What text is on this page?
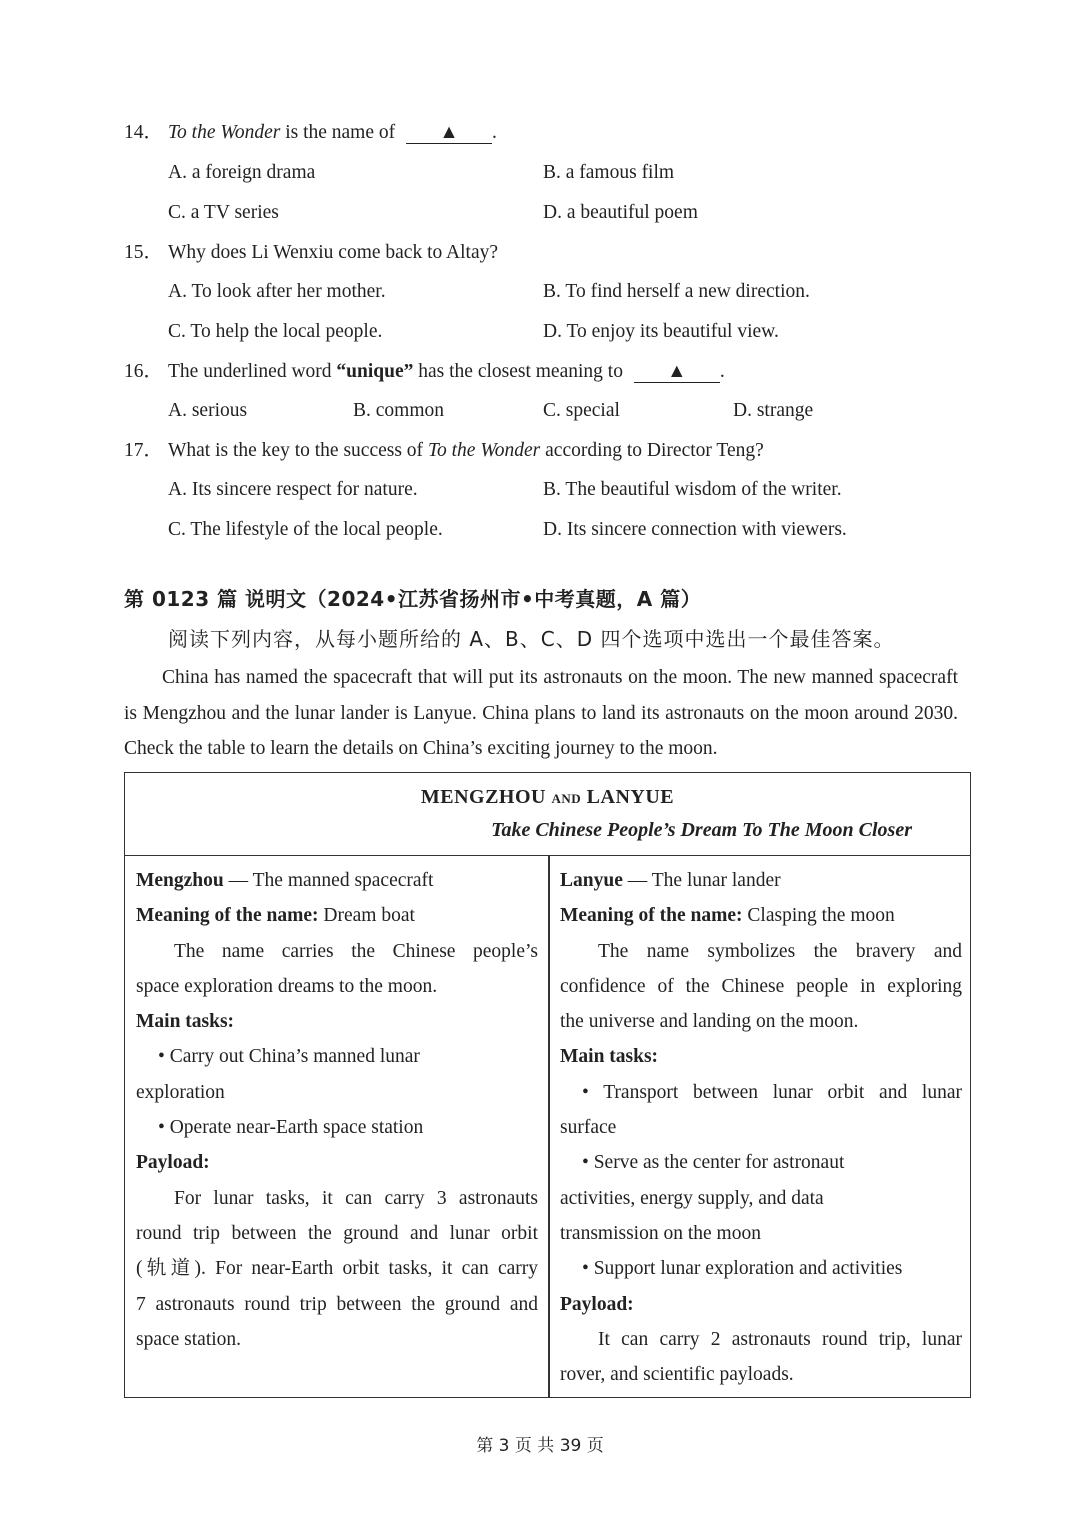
14． To the Wonder is the name of ▲ .
A. a foreign drama	B. a famous film
C. a TV series	D. a beautiful poem
15． Why does Li Wenxiu come back to Altay?
A. To look after her mother.	B. To find herself a new direction.
C. To help the local people.	D. To enjoy its beautiful view.
16． The underlined word “unique” has the closest meaning to ▲ .
A. serious	B. common	C. special	D. strange
17． What is the key to the success of To the Wonder according to Director Teng?
A. Its sincere respect for nature.	B. The beautiful wisdom of the writer.
C. The lifestyle of the local people.	D. Its sincere connection with viewers.
第 0123 篇 说明文（2024•江苏省扬州市•中考真题，A 篇）
阅读下列内容，从每小题所给的 A、B、C、D 四个选项中选出一个最佳答案。
China has named the spacecraft that will put its astronauts on the moon. The new manned spacecraft is Mengzhou and the lunar lander is Lanyue. China plans to land its astronauts on the moon around 2030. Check the table to learn the details on China’s exciting journey to the moon.
MENGZHOU AND LANYUE
Take Chinese People’s Dream To The Moon Closer
Mengzhou — The manned spacecraft
Meaning of the name: Dream boat
The name carries the Chinese people’s
space exploration dreams to the moon.
Main tasks:
• Carry out China’s manned lunar
exploration
• Operate near-Earth space station
Payload:
For lunar tasks, it can carry 3 astronauts
round trip between the ground and lunar orbit
(轨道). For near-Earth orbit tasks, it can carry
7 astronauts round trip between the ground and
space station.
Lanyue — The lunar lander
Meaning of the name: Clasping the moon
The name symbolizes the bravery and
confidence of the Chinese people in exploring
the universe and landing on the moon.
Main tasks:
• Transport between lunar orbit and lunar
surface
• Serve as the center for astronaut
activities, energy supply, and data
transmission on the moon
• Support lunar exploration and activities
Payload:
It can carry 2 astronauts round trip, lunar
rover, and scientific payloads.
第 3 页 共 39 页
